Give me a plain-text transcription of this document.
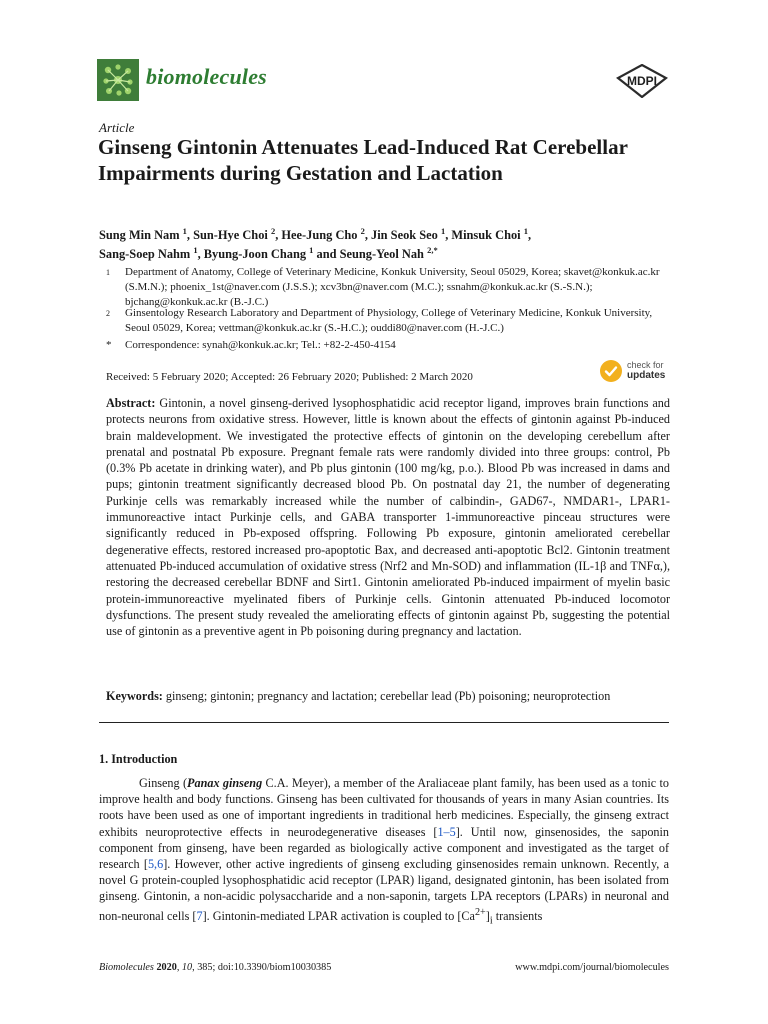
biomolecules	MDPI
Article
Ginseng Gintonin Attenuates Lead-Induced Rat Cerebellar Impairments during Gestation and Lactation
Sung Min Nam $^1$, Sun-Hye Choi $^2$, Hee-Jung Cho $^2$, Jin Seok Seo $^1$, Minsuk Choi $^1$,
Sang-Soep Nahm $^1$, Byung-Joon Chang $^1$ and Seung-Yeol Nah $^{2,*}$
1 Department of Anatomy, College of Veterinary Medicine, Konkuk University, Seoul 05029, Korea; skavet@konkuk.ac.kr (S.M.N.); phoenix_1st@naver.com (J.S.S.); xcv3bn@naver.com (M.C.); ssnahm@konkuk.ac.kr (S.-S.N.); bjchang@konkuk.ac.kr (B.-J.C.)
2 Ginsentology Research Laboratory and Department of Physiology, College of Veterinary Medicine, Konkuk University, Seoul 05029, Korea; vettman@konkuk.ac.kr (S.-H.C.); ouddi80@naver.com (H.-J.C.)
* Correspondence: synah@konkuk.ac.kr; Tel.: +82-2-450-4154
Received: 5 February 2020; Accepted: 26 February 2020; Published: 2 March 2020
check for
updates

Abstract: Gintonin, a novel ginseng-derived lysophosphatidic acid receptor ligand, improves brain functions and protects neurons from oxidative stress. However, little is known about the effects of gintonin against Pb-induced brain maldevelopment. We investigated the protective effects of gintonin on the developing cerebellum after prenatal and postnatal Pb exposure. Pregnant female rats were randomly divided into three groups: control, Pb (0.3% Pb acetate in drinking water), and Pb plus gintonin (100 mg/kg, p.o.). Blood Pb was increased in dams and pups; gintonin treatment significantly decreased blood Pb. On postnatal day 21, the number of degenerating Purkinje cells was remarkably increased while the number of calbindin-, GAD67-, NMDAR1-, LPAR1-immunoreactive intact Purkinje cells, and GABA transporter 1-immunoreactive pinceau structures were significantly reduced in Pb-exposed offspring. Following Pb exposure, gintonin ameliorated cerebellar degenerative effects, restored increased pro-apoptotic Bax, and decreased anti-apoptotic Bcl2. Gintonin treatment attenuated Pb-induced accumulation of oxidative stress (Nrf2 and Mn-SOD) and inflammation (IL-1β and TNFα,), restoring the decreased cerebellar BDNF and Sirt1. Gintonin ameliorated Pb-induced impairment of myelin basic protein-immunoreactive myelinated fibers of Purkinje cells. Gintonin attenuated Pb-induced locomotor dysfunctions. The present study revealed the ameliorating effects of gintonin against Pb, suggesting the potential use of gintonin as a preventive agent in Pb poisoning during pregnancy and lactation.

Keywords: ginseng; gintonin; pregnancy and lactation; cerebellar lead (Pb) poisoning; neuroprotection
1. Introduction

Ginseng (Panax ginseng C.A. Meyer), a member of the Araliaceae plant family, has been used as a tonic to improve health and body functions. Ginseng has been cultivated for thousands of years in many Asian countries. Its roots have been used as one of important ingredients in traditional herb medicines. Especially, the ginseng extract exhibits neuroprotective effects in neurodegenerative diseases [1–5]. Until now, ginsenosides, the saponin component from ginseng, have been regarded as biologically active component and investigated as the target of research [5,6]. However, other active ingredients of ginseng excluding ginsenosides remain unknown. Recently, a novel G protein-coupled lysophosphatidic acid receptor (LPAR) ligand, designated gintonin, has been isolated from ginseng. Gintonin, a non-acidic polysaccharide and a non-saponin, targets LPA receptors (LPARs) in neuronal and non-neuronal cells [7]. Gintonin-mediated LPAR activation is coupled to $[Ca^{2+}]_i$ transients

Biomolecules 2020, 10, 385; doi:10.3390/biom10030385	www.mdpi.com/journal/biomolecules
